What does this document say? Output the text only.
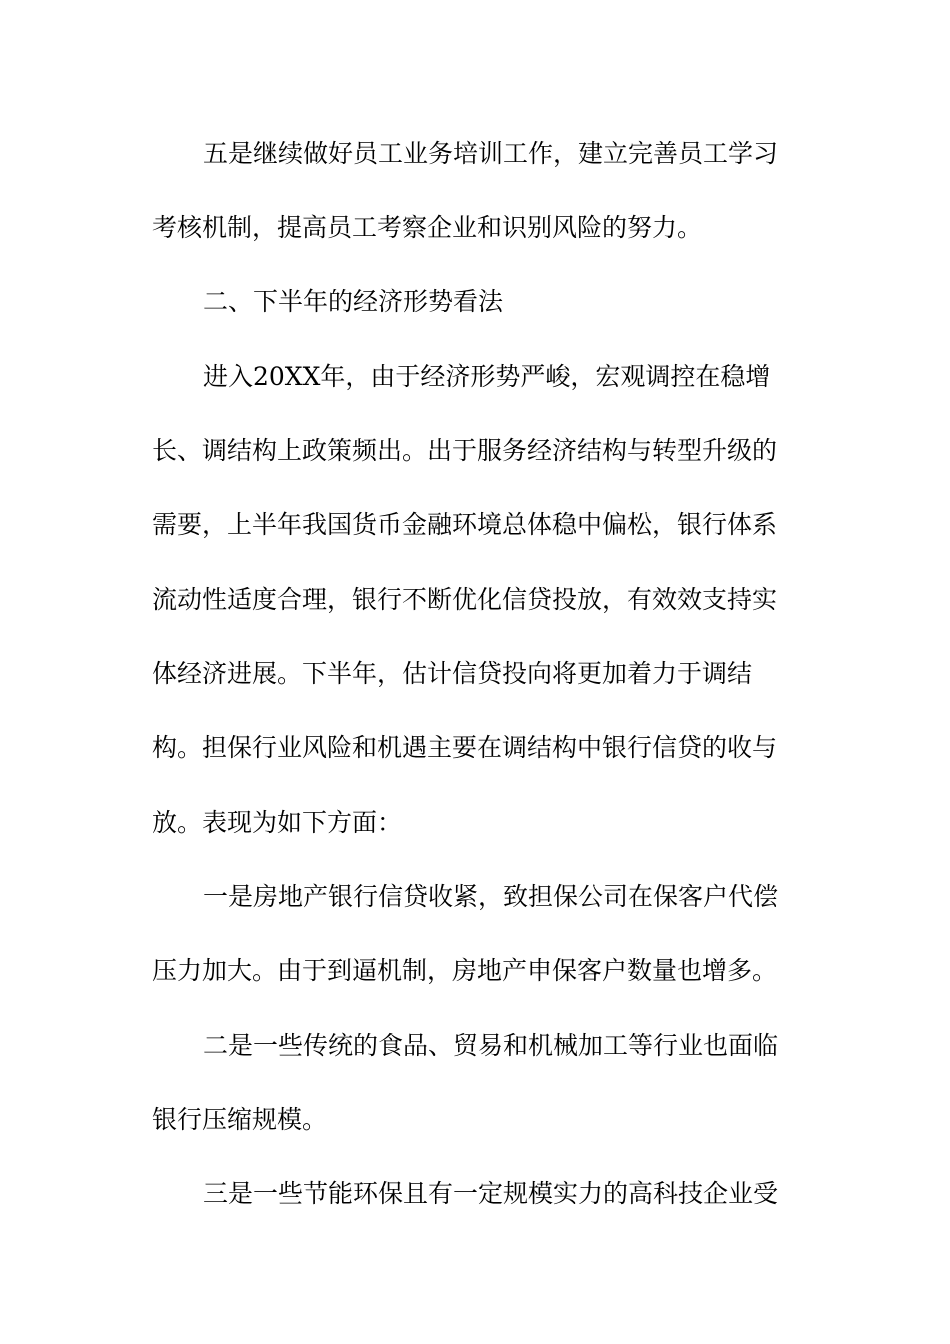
五是继续做好员工业务培训工作，建立完善员工学习
考核机制，提高员工考察企业和识别风险的努力。
二、下半年的经济形势看法
进入20XX年，由于经济形势严峻，宏观调控在稳增
长、调结构上政策频出。出于服务经济结构与转型升级的
需要，上半年我国货币金融环境总体稳中偏松，银行体系
流动性适度合理，银行不断优化信贷投放，有效效支持实
体经济进展。下半年，估计信贷投向将更加着力于调结
构。担保行业风险和机遇主要在调结构中银行信贷的收与
放。表现为如下方面：
一是房地产银行信贷收紧，致担保公司在保客户代偿
压力加大。由于到逼机制，房地产申保客户数量也增多。
二是一些传统的食品、贸易和机械加工等行业也面临
银行压缩规模。
三是一些节能环保且有一定规模实力的高科技企业受
